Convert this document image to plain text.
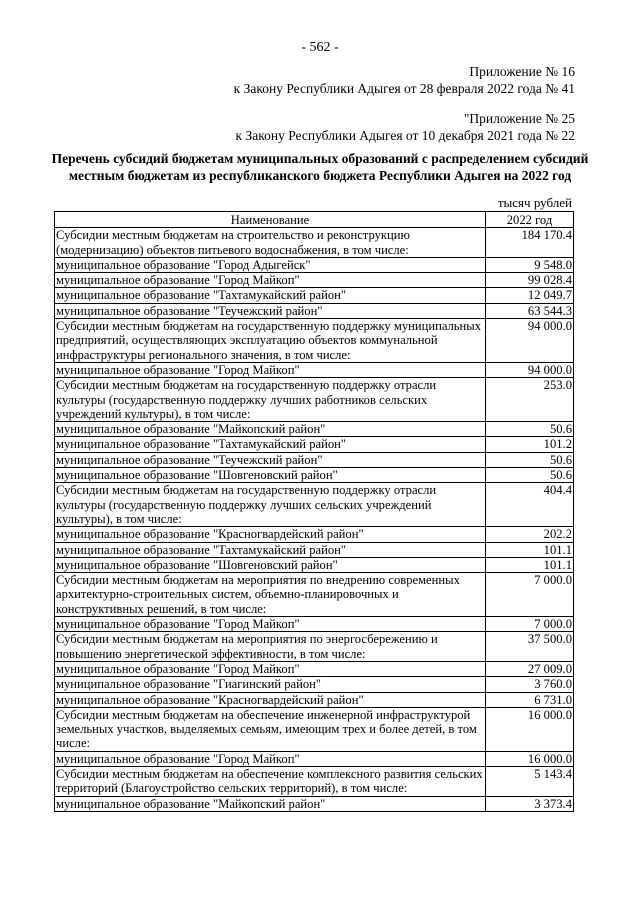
- 562 -
Приложение № 16
к Закону Республики Адыгея от 28 февраля 2022 года № 41
"Приложение № 25
к Закону Республики Адыгея от 10 декабря 2021 года № 22
Перечень субсидий бюджетам муниципальных образований с распределением субсидий
местным бюджетам из республиканского бюджета Республики Адыгея на 2022 год
тысяч рублей
Наименование	2022 год
Субсидии местным бюджетам на строительство и реконструкцию (модернизацию) объектов питьевого водоснабжения, в том числе:	184 170.4
муниципальное образование "Город Адыгейск"	9 548.0
муниципальное образование "Город Майкоп"	99 028.4
муниципальное образование "Тахтамукайский район"	12 049.7
муниципальное образование "Теучежский район"	63 544.3
Субсидии местным бюджетам на государственную поддержку муниципальных предприятий, осуществляющих эксплуатацию объектов коммунальной инфраструктуры регионального значения, в том числе:	94 000.0
муниципальное образование "Город Майкоп"	94 000.0
Субсидии местным бюджетам на государственную поддержку отрасли культуры (государственную поддержку лучших работников сельских учреждений культуры), в том числе:	253.0
муниципальное образование "Майкопский район"	50.6
муниципальное образование "Тахтамукайский район"	101.2
муниципальное образование "Теучежский район"	50.6
муниципальное образование "Шовгеновский район"	50.6
Субсидии местным бюджетам на государственную поддержку отрасли культуры (государственную поддержку лучших сельских учреждений культуры), в том числе:	404.4
муниципальное образование "Красногвардейский район"	202.2
муниципальное образование "Тахтамукайский район"	101.1
муниципальное образование "Шовгеновский район"	101.1
Субсидии местным бюджетам на мероприятия по внедрению современных архитектурно-строительных систем, объемно-планировочных и конструктивных решений, в том числе:	7 000.0
муниципальное образование "Город Майкоп"	7 000.0
Субсидии местным бюджетам на мероприятия по энергосбережению и повышению энергетической эффективности, в том числе:	37 500.0
муниципальное образование "Город Майкоп"	27 009.0
муниципальное образование "Гиагинский район"	3 760.0
муниципальное образование "Красногвардейский район"	6 731.0
Субсидии местным бюджетам на обеспечение инженерной инфраструктурой земельных участков, выделяемых семьям, имеющим трех и более детей, в том числе:	16 000.0
муниципальное образование "Город Майкоп"	16 000.0
Субсидии местным бюджетам на обеспечение комплексного развития сельских территорий (Благоустройство сельских территорий), в том числе:	5 143.4
муниципальное образование "Майкопский район"	3 373.4
